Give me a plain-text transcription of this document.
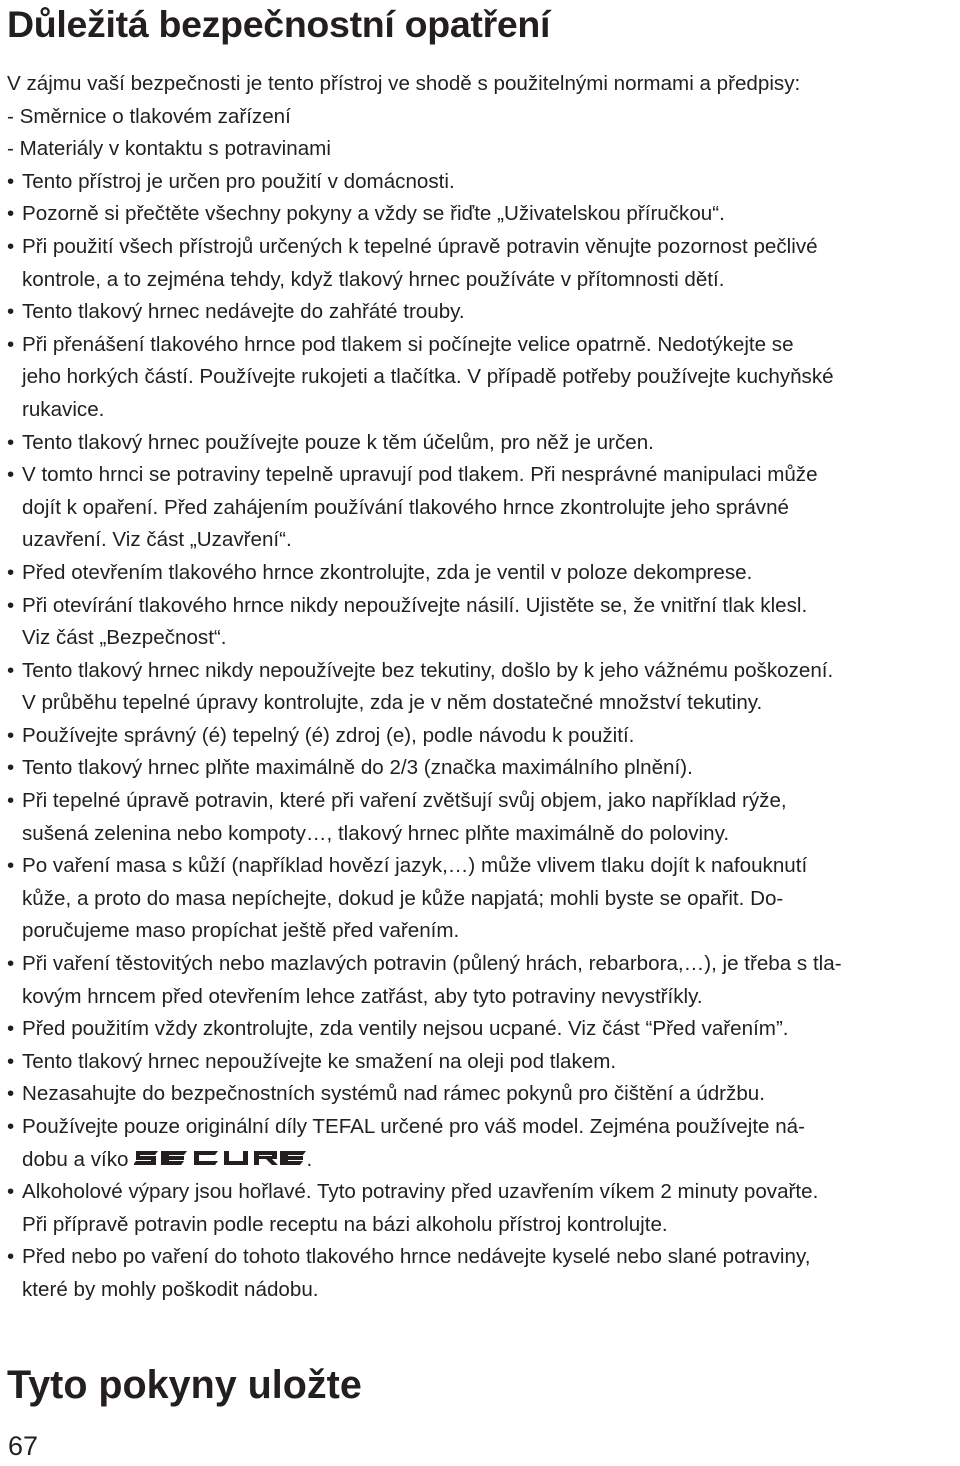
Důležitá bezpečnostní opatření
V zájmu vaší bezpečnosti je tento přístroj ve shodě s použitelnými normami a předpisy:
- Směrnice o tlakovém zařízení
- Materiály v kontaktu s potravinami
• Tento přístroj je určen pro použití v domácnosti.
• Pozorně si přečtěte všechny pokyny a vždy se řiďte „Uživatelskou příručkou“.
• Při použití všech přístrojů určených k tepelné úpravě potravin věnujte pozornost pečlivé
kontrole, a to zejména tehdy, když tlakový hrnec používáte v přítomnosti dětí.
• Tento tlakový hrnec nedávejte do zahřáté trouby.
• Při přenášení tlakového hrnce pod tlakem si počínejte velice opatrně. Nedotýkejte se
jeho horkých částí. Používejte rukojeti a tlačítka. V případě potřeby používejte kuchyňské
rukavice.
• Tento tlakový hrnec používejte pouze k těm účelům, pro něž je určen.
• V tomto hrnci se potraviny tepelně upravují pod tlakem. Při nesprávné manipulaci může
dojít k opaření. Před zahájením používání tlakového hrnce zkontrolujte jeho správné
uzavření. Viz část „Uzavření“.
• Před otevřením tlakového hrnce zkontrolujte, zda je ventil v poloze dekomprese.
• Při otevírání tlakového hrnce nikdy nepoužívejte násilí. Ujistěte se, že vnitřní tlak klesl.
Viz část „Bezpečnost“.
• Tento tlakový hrnec nikdy nepoužívejte bez tekutiny, došlo by k jeho vážnému poškození.
V průběhu tepelné úpravy kontrolujte, zda je v něm dostatečné množství tekutiny.
• Používejte správný (é) tepelný (é) zdroj (e), podle návodu k použití.
• Tento tlakový hrnec plňte maximálně do 2/3 (značka maximálního plnění).
• Při tepelné úpravě potravin, které při vaření zvětšují svůj objem, jako například rýže,
sušená zelenina nebo kompoty…, tlakový hrnec plňte maximálně do poloviny.
• Po vaření masa s kůží (například hovězí jazyk,…) může vlivem tlaku dojít k nafouknutí
kůže, a proto do masa nepíchejte, dokud je kůže napjatá; mohli byste se opařit. Do-
poručujeme maso propíchat ještě před vařením.
• Při vaření těstovitých nebo mazlavých potravin (půlený hrách, rebarbora,…), je třeba s tla-
kovým hrncem před otevřením lehce zatřást, aby tyto potraviny nevystříkly.
• Před použitím vždy zkontrolujte, zda ventily nejsou ucpané. Viz část “Před vařením”.
• Tento tlakový hrnec nepoužívejte ke smažení na oleji pod tlakem.
• Nezasahujte do bezpečnostních systémů nad rámec pokynů pro čištění a údržbu.
• Používejte pouze originální díly TEFAL určené pro váš model. Zejména používejte ná-
dobu a víko	.
• Alkoholové výpary jsou hořlavé. Tyto potraviny před uzavřením víkem 2 minuty povařte.
Při přípravě potravin podle receptu na bázi alkoholu přístroj kontrolujte.
• Před nebo po vaření do tohoto tlakového hrnce nedávejte kyselé nebo slané potraviny,
které by mohly poškodit nádobu.
Tyto pokyny uložte
67
